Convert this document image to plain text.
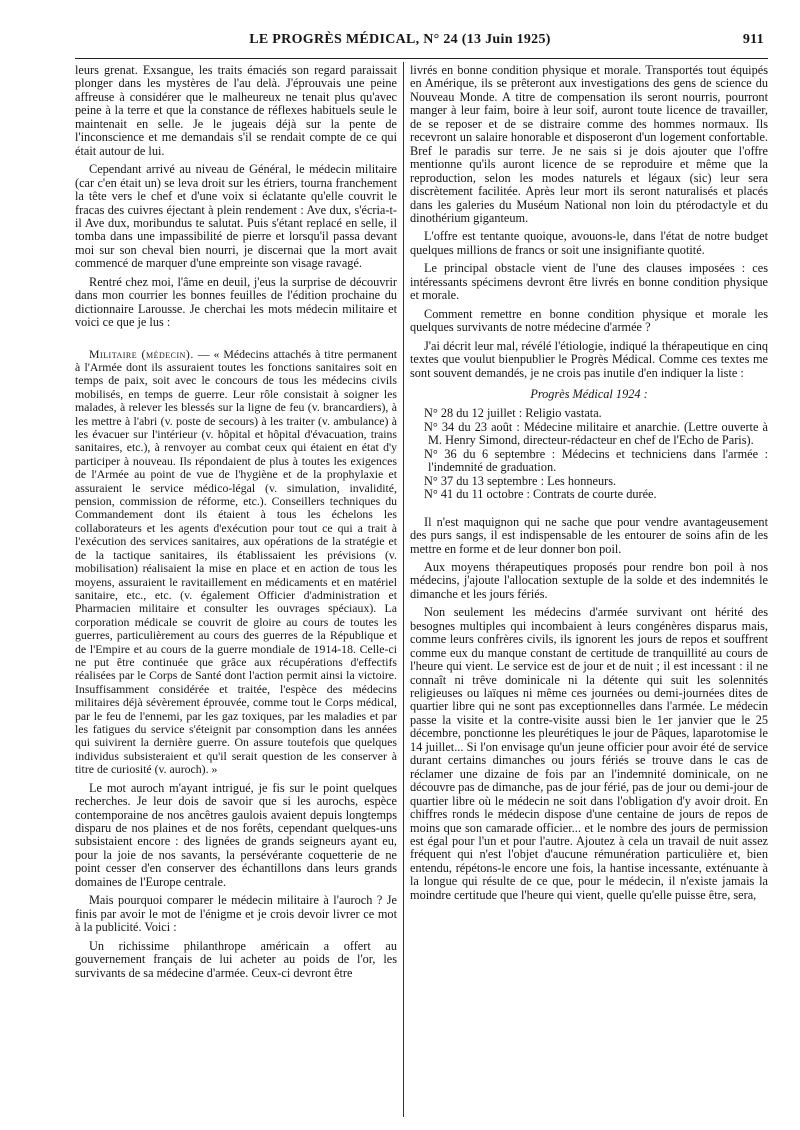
LE PROGRÈS MÉDICAL, N° 24 (13 Juin 1925)	911

leurs grenat. Exsangue, les traits émaciés son regard paraissait plonger dans les mystères de l'au delà. J'éprouvais une peine affreuse à considérer que le malheureux ne tenait plus qu'avec peine à la terre et que la constance de réflexes habituels seule le maintenait en selle. Je le jugeais déjà sur la pente de l'inconscience et me demandais s'il se rendait compte de ce qui était autour de lui.

Cependant arrivé au niveau de Général, le médecin militaire (car c'en était un) se leva droit sur les étriers, tourna franchement la tête vers le chef et d'une voix si éclatante qu'elle couvrit le fracas des cuivres éjectant à plein rendement : Ave dux, s'écria-t-il Ave dux, moribundus te salutat. Puis s'étant replacé en selle, il tomba dans une impassibilité de pierre et lorsqu'il passa devant moi sur son cheval bien nourri, je discernai que la mort avait commencé de marquer d'une empreinte son visage ravagé.

Rentré chez moi, l'âme en deuil, j'eus la surprise de découvrir dans mon courrier les bonnes feuilles de l'édition prochaine du dictionnaire Larousse. Je cherchai les mots médecin militaire et voici ce que je lus :

Militaire (médecin). — « Médecins attachés à titre permanent à l'Armée dont ils assuraient toutes les fonctions sanitaires soit en temps de paix, soit avec le concours de tous les médecins civils mobilisés, en temps de guerre. Leur rôle consistait à soigner les malades, à relever les blessés sur la ligne de feu (v. brancardiers), à les mettre à l'abri (v. poste de secours) à les traiter (v. ambulance) à les évacuer sur l'intérieur (v. hôpital et hôpital d'évacuation, trains sanitaires, etc.), à renvoyer au combat ceux qui étaient en état d'y participer à nouveau. Ils répondaient de plus à toutes les exigences de l'Armée au point de vue de l'hygiène et de la prophylaxie et assuraient le service médico-légal (v. simulation, invalidité, pension, commission de réforme, etc.). Conseillers techniques du Commandement dont ils étaient à tous les échelons les collaborateurs et les agents d'exécution pour tout ce qui a trait à l'exécution des services sanitaires, aux opérations de la stratégie et de la tactique sanitaires, ils établissaient les prévisions (v. mobilisation) réalisaient la mise en place et en action de tous les moyens, assuraient le ravitaillement en médicaments et en matériel sanitaire, etc., etc. (v. également Officier d'administration et Pharmacien militaire et consulter les ouvrages spéciaux). La corporation médicale se couvrit de gloire au cours de toutes les guerres, particulièrement au cours des guerres de la République et de l'Empire et au cours de la guerre mondiale de 1914-18. Celle-ci ne put être continuée que grâce aux récupérations d'effectifs réalisées par le Corps de Santé dont l'action permit ainsi la victoire. Insuffisamment considérée et traitée, l'espèce des médecins militaires déjà sévèrement éprouvée, comme tout le Corps médical, par le feu de l'ennemi, par les gaz toxiques, par les maladies et par les fatigues du service s'éteignit par consomption dans les années qui suivirent la dernière guerre. On assure toutefois que quelques individus subsisteraient et qu'il serait question de les conserver à titre de curiosité (v. auroch). »

Le mot auroch m'ayant intrigué, je fis sur le point quelques recherches. Je leur dois de savoir que si les aurochs, espèce contemporaine de nos ancêtres gaulois avaient depuis longtemps disparu de nos plaines et de nos forêts, cependant quelques-uns subsistaient encore : des lignées de grands seigneurs ayant eu, pour la joie de nos savants, la persévérante coquetterie de ne point cesser d'en conserver des échantillons dans leurs grands domaines de l'Europe centrale.

Mais pourquoi comparer le médecin militaire à l'auroch ? Je finis par avoir le mot de l'énigme et je crois devoir livrer ce mot à la publicité. Voici :

Un richissime philanthrope américain a offert au gouvernement français de lui acheter au poids de l'or, les survivants de sa médecine d'armée. Ceux-ci devront être

livrés en bonne condition physique et morale. Transportés tout équipés en Amérique, ils se prêteront aux investigations des gens de science du Nouveau Monde. A titre de compensation ils seront nourris, pourront manger à leur faim, boire à leur soif, auront toute licence de travailler, de se reposer et de se distraire comme des hommes normaux. Ils recevront un salaire honorable et disposeront d'un logement confortable. Bref le paradis sur terre. Je ne sais si je dois ajouter que l'offre mentionne qu'ils auront licence de se reproduire et même que la reproduction, selon les modes naturels et légaux (sic) leur sera discrètement facilitée. Après leur mort ils seront naturalisés et placés dans les galeries du Muséum National non loin du ptérodactyle et du dinothérium giganteum.

L'offre est tentante quoique, avouons-le, dans l'état de notre budget quelques millions de francs or soit une insignifiante quotité.

Le principal obstacle vient de l'une des clauses imposées : ces intéressants spécimens devront être livrés en bonne condition physique et morale.

Comment remettre en bonne condition physique et morale les quelques survivants de notre médecine d'armée ?

J'ai décrit leur mal, révélé l'étiologie, indiqué la thérapeutique en cinq textes que voulut bienpublier le Progrès Médical. Comme ces textes me sont souvent demandés, je ne crois pas inutile d'en indiquer la liste :

Progrès Médical 1924 :

N° 28 du 12 juillet : Religio vastata.
N° 34 du 23 août : Médecine militaire et anarchie. (Lettre ouverte à M. Henry Simond, directeur-rédacteur en chef de l'Echo de Paris).
N° 36 du 6 septembre : Médecins et techniciens dans l'armée : l'indemnité de graduation.
N° 37 du 13 septembre : Les honneurs.
N° 41 du 11 octobre : Contrats de courte durée.

Il n'est maquignon qui ne sache que pour vendre avantageusement des purs sangs, il est indispensable de les entourer de soins afin de les mettre en forme et de leur donner bon poil.

Aux moyens thérapeutiques proposés pour rendre bon poil à nos médecins, j'ajoute l'allocation sextuple de la solde et des indemnités le dimanche et les jours fériés.

Non seulement les médecins d'armée survivant ont hérité des besognes multiples qui incombaient à leurs congénères disparus mais, comme leurs confrères civils, ils ignorent les jours de repos et souffrent comme eux du manque constant de certitude de tranquillité au cours de l'heure qui vient. Le service est de jour et de nuit ; il est incessant : il ne connaît ni trêve dominicale ni la détente qui suit les solennités religieuses ou laïques ni même ces journées ou demi-journées dites de quartier libre qui ne sont pas exceptionnelles dans l'armée. Le médecin passe la visite et la contre-visite aussi bien le 1er janvier que le 25 décembre, ponctionne les pleurétiques le jour de Pâques, laparotomise le 14 juillet... Si l'on envisage qu'un jeune officier pour avoir été de service durant certains dimanches ou jours fériés se trouve dans le cas de réclamer une dizaine de fois par an l'indemnité dominicale, on ne découvre pas de dimanche, pas de jour férié, pas de jour ou demi-jour de quartier libre où le médecin ne soit dans l'obligation d'y avoir droit. En chiffres ronds le médecin dispose d'une centaine de jours de repos de moins que son camarade officier... et le nombre des jours de permission est égal pour l'un et pour l'autre. Ajoutez à cela un travail de nuit assez fréquent qui n'est l'objet d'aucune rémunération particulière et, bien entendu, répétons-le encore une fois, la hantise incessante, exténuante à la longue qui résulte de ce que, pour le médecin, il n'existe jamais la moindre certitude que l'heure qui vient, quelle qu'elle puisse être, sera,
